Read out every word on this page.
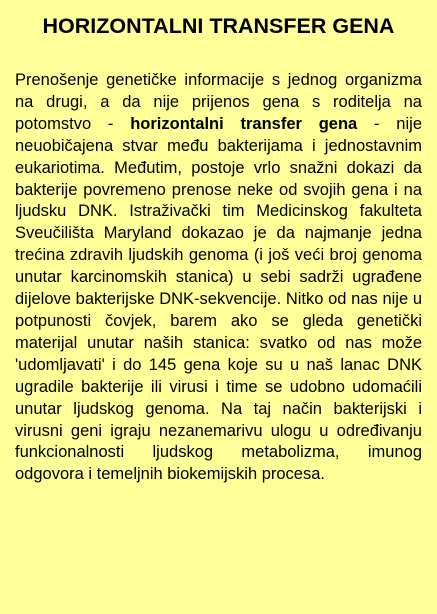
HORIZONTALNI TRANSFER GENA

Prenošenje genetičke informacije s jednog organizma na drugi, a da nije prijenos gena s roditelja na potomstvo - horizontalni transfer gena - nije neuobičajena stvar među bakterijama i jednostavnim eukariotima. Međutim, postoje vrlo snažni dokazi da bakterije povremeno prenose neke od svojih gena i na ljudsku DNK. Istraživački tim Medicinskog fakulteta Sveučilišta Maryland dokazao je da najmanje jedna trećina zdravih ljudskih genoma (i još veći broj genoma unutar karcinomskih stanica) u sebi sadrži ugrađene dijelove bakterijske DNK-sekvencije. Nitko od nas nije u potpunosti čovjek, barem ako se gleda genetički materijal unutar naših stanica: svatko od nas može 'udomljavati' i do 145 gena koje su u naš lanac DNK ugradile bakterije ili virusi i time se udobno udomaćili unutar ljudskog genoma. Na taj način bakterijski i virusni geni igraju nezanemarivu ulogu u određivanju funkcionalnosti ljudskog metabolizma, imunog odgovora i temeljnih biokemijskih procesa.
